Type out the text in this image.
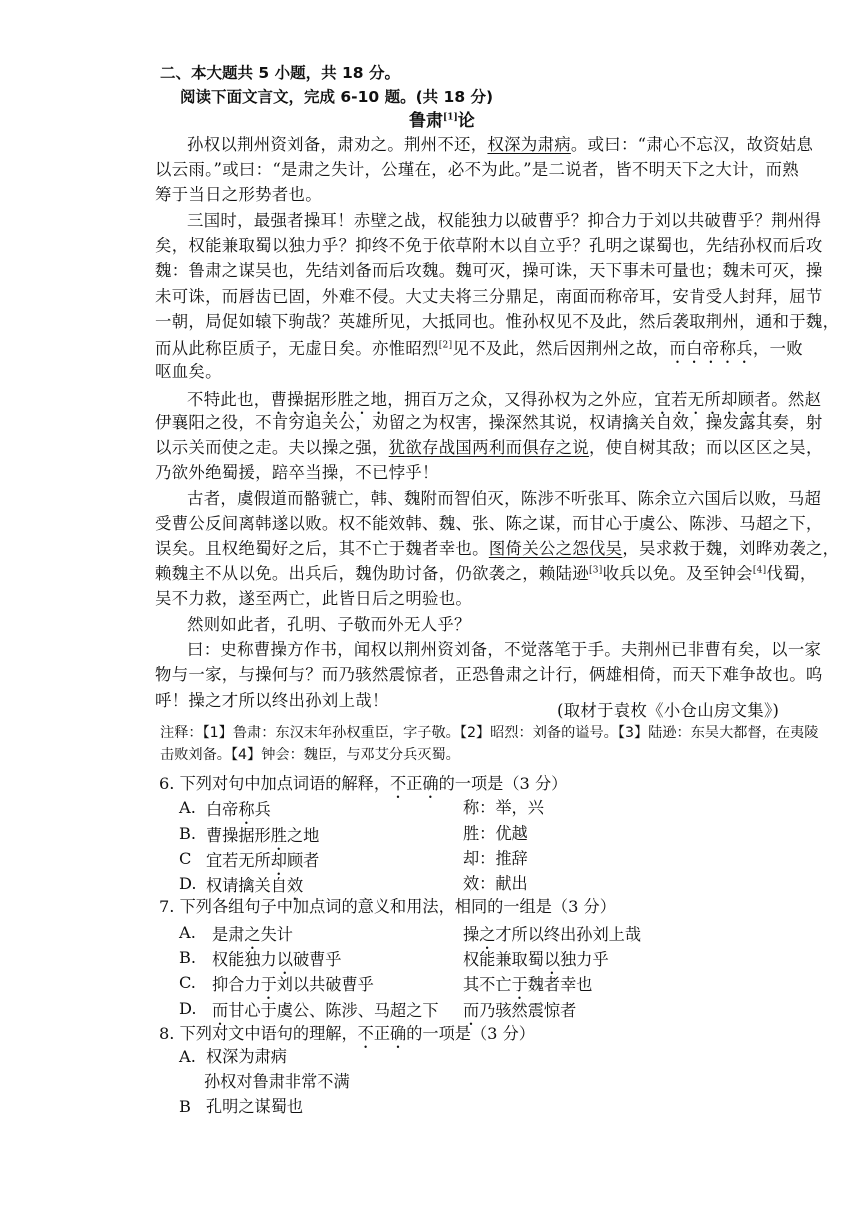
二、本大题共 5 小题，共 18 分。
阅读下面文言文，完成 6-10 题。(共 18 分)
鲁肃[1]论
孙权以荆州资刘备，肃劝之。荆州不还，权深为肃病。或曰：“肃心不忘汉，故资姑息
以云雨。”或曰：“是肃之失计，公瑾在，必不为此。”是二说者，皆不明天下之大计，而熟
筹于当日之形势者也。
三国时，最强者操耳！赤壁之战，权能独力以破曹乎？抑合力于刘以共破曹乎？荆州得
矣，权能兼取蜀以独力乎？抑终不免于依草附木以自立乎？孔明之谋蜀也，先结孙权而后攻
魏：鲁肃之谋吴也，先结刘备而后攻魏。魏可灭，操可诛，天下事未可量也；魏未可灭，操
未可诛，而唇齿已固，外难不侵。大丈夫将三分鼎足，南面而称帝耳，安肯受人封拜，屈节
一朝，局促如辕下驹哉？英雄所见，大抵同也。惟孙权见不及此，然后袭取荆州，通和于魏，
而从此称臣质子，无虚日矣。亦惟昭烈[2]见不及此，然后因荆州之故，而白帝称兵，一败
呕血矣。
不特此也，曹操据形胜之地，拥百万之众，又得孙权为之外应，宜若无所却顾者。然赵
伊襄阳之役，不肯穷追关公，劝留之为权害，操深然其说，权请擒关自效，操发露其奏，射
以示关而使之走。夫以操之强，犹欲存战国两利而俱存之说，使自树其敌；而以区区之吴，
乃欲外绝蜀援，踣卒当操，不已悖乎！
古者，虞假道而骼虢亡，韩、魏附而智伯灭，陈涉不听张耳、陈余立六国后以败，马超
受曹公反间离韩遂以败。权不能效韩、魏、张、陈之谋，而甘心于虞公、陈涉、马超之下，
误矣。且权绝蜀好之后，其不亡于魏者幸也。图倚关公之怨伐吴，吴求救于魏，刘晔劝袭之，
赖魏主不从以免。出兵后，魏伪助讨备，仍欲袭之，赖陆逊[3]收兵以免。及至钟会[4]伐蜀，
吴不力救，遂至两亡，此皆日后之明验也。
然则如此者，孔明、子敬而外无人乎？
曰：史称曹操方作书，闻权以荆州资刘备，不觉落笔于手。夫荆州已非曹有矣，以一家
物与一家，与操何与？而乃骇然震惊者，正恐鲁肃之计行，俩雄相倚，而天下难争故也。呜
呼！操之才所以终出孙刘上哉！
(取材于袁枚《小仓山房文集》)
注释：【1】鲁肃：东汉末年孙权重臣，字子敬。【2】昭烈：刘备的谥号。【3】陆逊：东吴大都督，在夷陵
击败刘备。【4】钟会：魏臣，与邓艾分兵灭蜀。
6. 下列对句中加点词语的解释，不正确的一项是（3 分）
A. 白帝称兵	称：举，兴
B. 曹操据形胜之地	胜：优越
C 宜若无所却顾者	却：推辞
D. 权请擒关自效	效：献出
7. 下列各组句子中加点词的意义和用法，相同的一组是（3 分）
A. 是肃之失计	操之才所以终出孙刘上哉
B. 权能独力以破曹乎	权能兼取蜀以独力乎
C. 抑合力于刘以共破曹乎	其不亡于魏者幸也
D. 而甘心于虞公、陈涉、马超之下 而乃骇然震惊者
8. 下列对文中语句的理解，不正确的一项是（3 分）
A. 权深为肃病
孙权对鲁肃非常不满
B 孔明之谋蜀也
